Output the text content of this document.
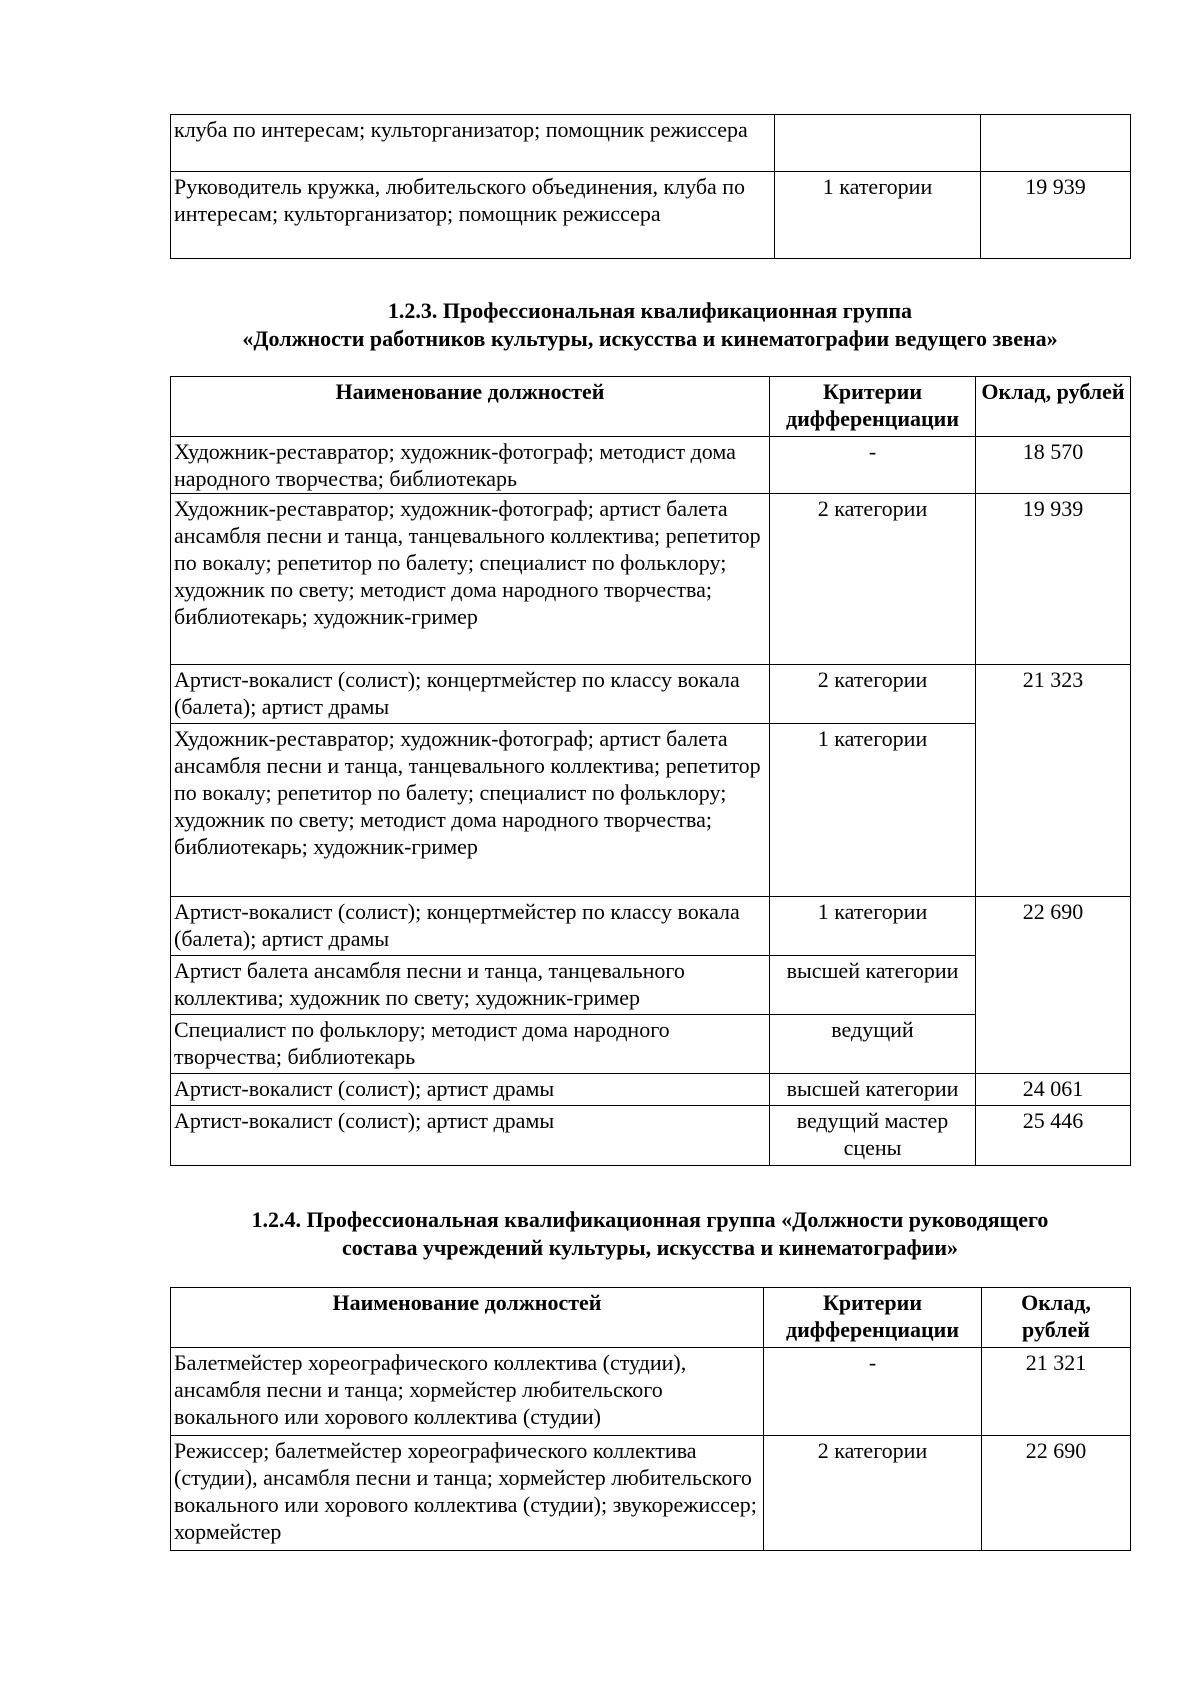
клуба по интересам; культорганизатор; помощник режиссера		
Руководитель кружка, любительского объединения, клуба по интересам; культорганизатор; помощник режиссера	1 категории	19 939
1.2.3. Профессиональная квалификационная группа
«Должности работников культуры, искусства и кинематографии ведущего звена»
Наименование должностей	Критерии дифференциации	Оклад, рублей
Художник-реставратор; художник-фотограф; методист дома народного творчества; библиотекарь	-	18 570
Художник-реставратор; художник-фотограф; артист балета ансамбля песни и танца, танцевального коллектива; репетитор по вокалу; репетитор по балету; специалист по фольклору; художник по свету; методист дома народного творчества; библиотекарь; художник-гример	2 категории	19 939
Артист-вокалист (солист); концертмейстер по классу вокала (балета); артист драмы	2 категории	21 323
Художник-реставратор; художник-фотограф; артист балета ансамбля песни и танца, танцевального коллектива; репетитор по вокалу; репетитор по балету; специалист по фольклору; художник по свету; методист дома народного творчества; библиотекарь; художник-гример	1 категории	
Артист-вокалист (солист); концертмейстер по классу вокала (балета); артист драмы	1 категории	22 690
Артист балета ансамбля песни и танца, танцевального коллектива; художник по свету; художник-гример	высшей категории	
Специалист по фольклору; методист дома народного творчества; библиотекарь	ведущий	
Артист-вокалист (солист); артист драмы	высшей категории	24 061
Артист-вокалист (солист); артист драмы	ведущий мастер сцены	25 446
1.2.4. Профессиональная квалификационная группа «Должности руководящего
состава учреждений культуры, искусства и кинематографии»
Наименование должностей	Критерии дифференциации	Оклад, рублей
Балетмейстер хореографического коллектива (студии), ансамбля песни и танца; хормейстер любительского вокального или хорового коллектива (студии)	-	21 321
Режиссер; балетмейстер хореографического коллектива (студии), ансамбля песни и танца; хормейстер любительского вокального или хорового коллектива (студии); звукорежиссер; хормейстер	2 категории	22 690
